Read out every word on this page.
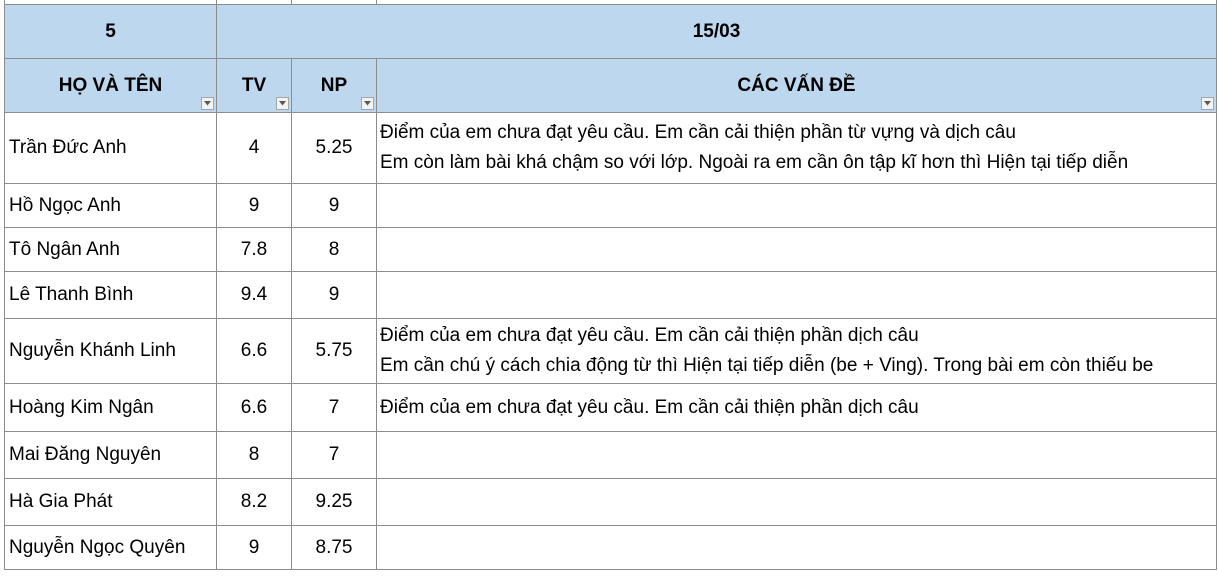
5	15/03		
HỌ VÀ TÊN	TV	NP	CÁC VẤN ĐỀ

Trần Đức Anh	4	5.25	Điểm của em chưa đạt yêu cầu. Em cần cải thiện phần từ vựng và dịch câu
Em còn làm bài khá chậm so với lớp. Ngoài ra em cần ôn tập kĩ hơn thì Hiện tại tiếp diễn

Hồ Ngọc Anh	9	9	
Tô Ngân Anh	7.8	8	
Lê Thanh Bình	9.4	9	
Nguyễn Khánh Linh	6.6	5.75	Điểm của em chưa đạt yêu cầu. Em cần cải thiện phần dịch câu
Em cần chú ý cách chia động từ thì Hiện tại tiếp diễn (be + Ving). Trong bài em còn thiếu be

Hoàng Kim Ngân	6.6	7	Điểm của em chưa đạt yêu cầu. Em cần cải thiện phần dịch câu

Mai Đăng Nguyên	8	7	
Hà Gia Phát	8.2	9.25	
Nguyễn Ngọc Quyên	9	8.75	
